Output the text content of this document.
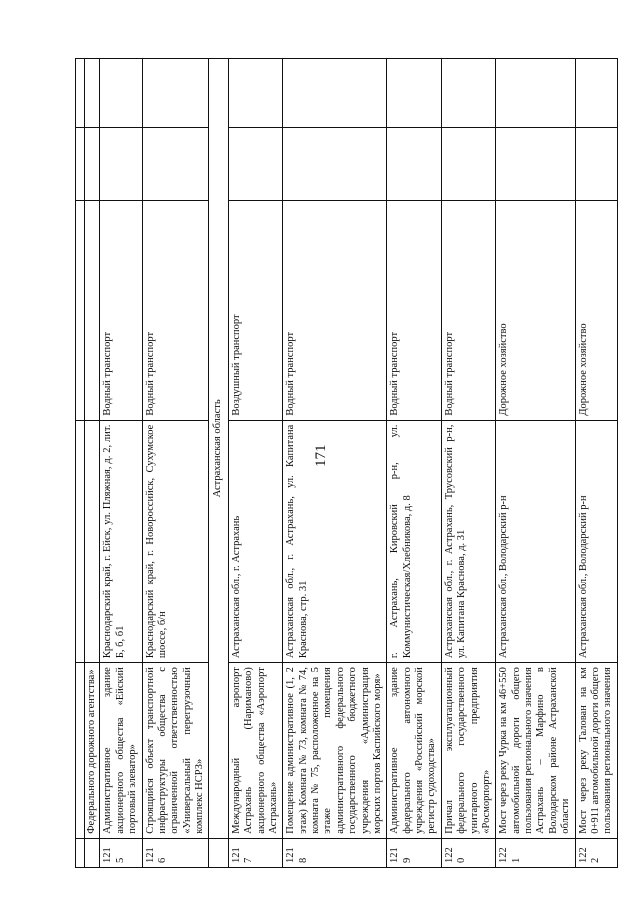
171

	Федерального дорожного агентства»				
1215	Административное здание акционерного общества «Ейский портовый элеватор»	Краснодарский край, г. Ейск, ул. Пляжная, д. 2, лит. Б, б, б1	Водный транспорт		
1216	Строящийся объект транспортной инфраструктуры общества с ограниченной ответственностью «Универсальный перегрузочный комплекс НСРЗ»	Краснодарский край, г. Новороссийск, Сухумское шоссе, б/н	Водный транспорт		
	Астраханская область				
1217	Международный аэропорт Астрахань (Нариманово) акционерного общества «Аэропорт Астрахань»	Астраханская обл., г. Астрахань	Воздушный транспорт		
1218	Помещение административное (1, 2 этаж) Комната № 73, комната № 74, комната № 75, расположенное на 5 этаже помещения административного федерального государственного бюджетного учреждения «Администрация морских портов Каспийского моря»	Астраханская обл., г. Астрахань, ул. Капитана Краснова, стр. 31	Водный транспорт		
1219	Административное здание федерального автономного учреждения «Российский морской регистр судоходства»	г. Астрахань, Кировский р-н, ул. Коммунистическая/Хлебникова, д. 8	Водный транспорт		
1220	Причал эксплуатационный федерального государственного унитарного предприятия «Росморпорт»	Астраханская обл., г. Астрахань, Трусовский р-н, ул. Капитана Краснова, д. 31	Водный транспорт		
1221	Мост через реку Чурка на км 46+550 автомобильной дороги общего пользования регионального значения Астрахань – Марфино в Володарском районе Астраханской области	Астраханская обл., Володарский р-н	Дорожное хозяйство		
1222	Мост через реку Талован на км 0+911 автомобильной дороги общего пользования регионального значения	Астраханская обл., Володарский р-н	Дорожное хозяйство		
